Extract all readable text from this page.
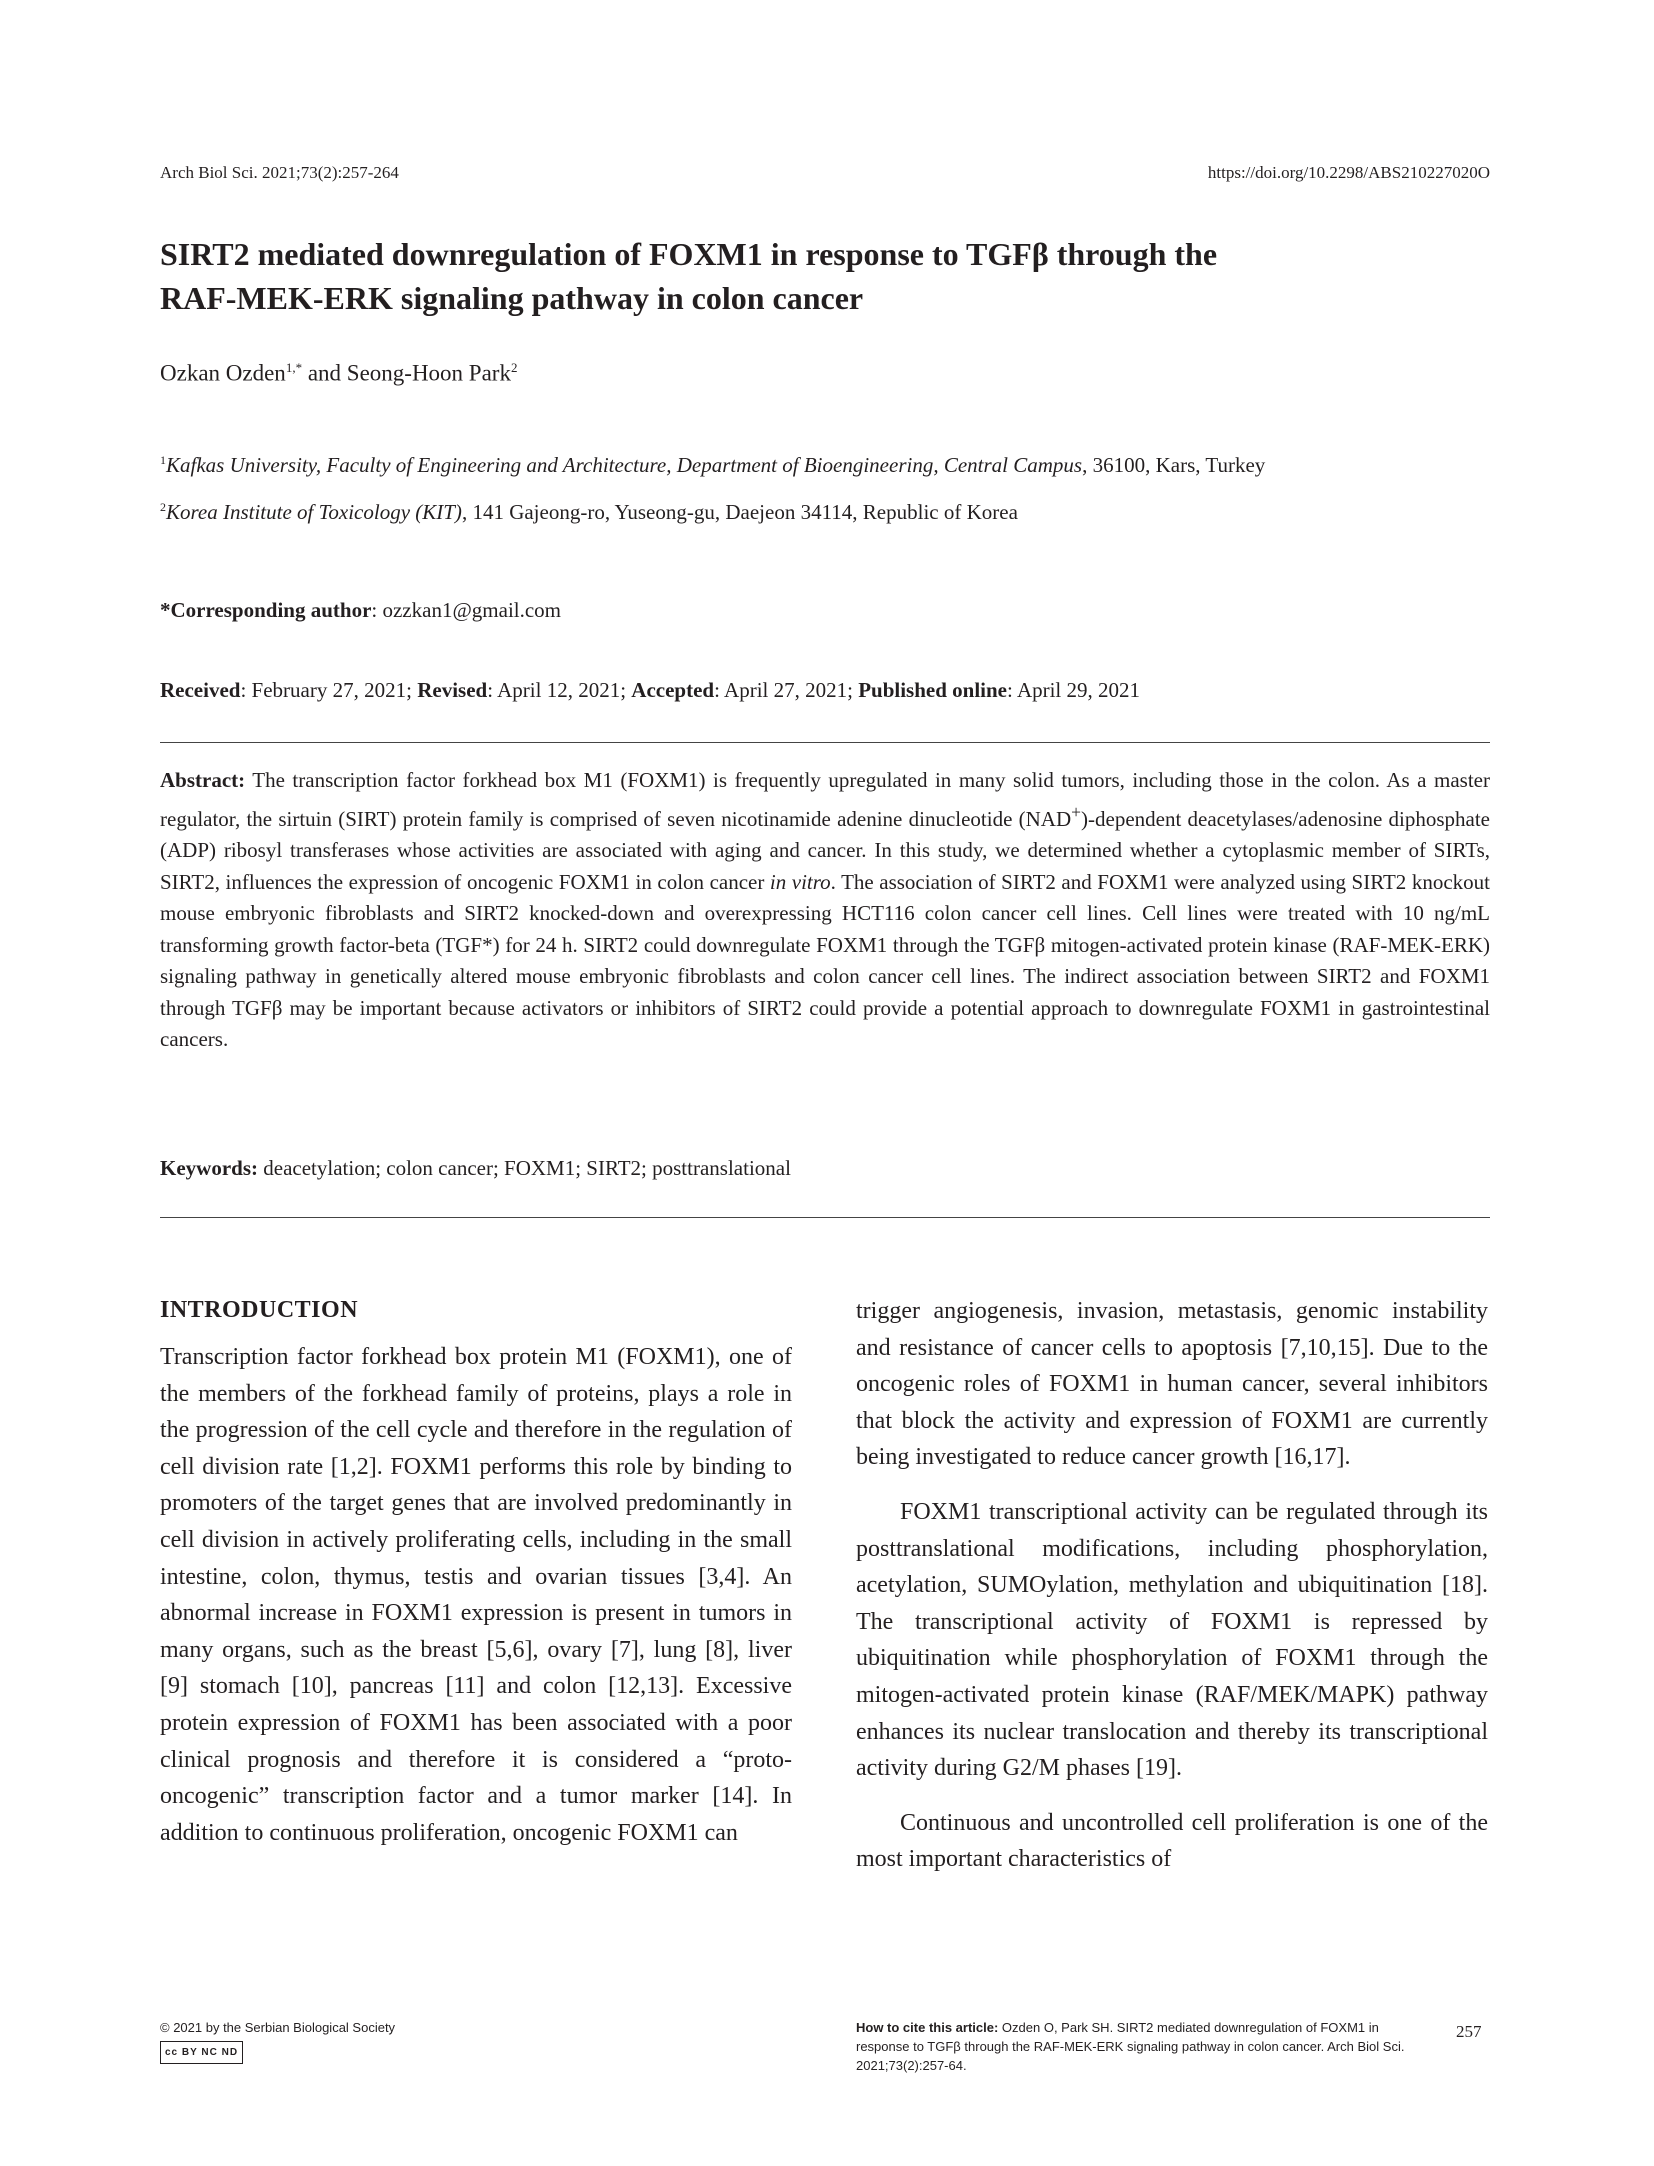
Arch Biol Sci. 2021;73(2):257-264	https://doi.org/10.2298/ABS210227020O
SIRT2 mediated downregulation of FOXM1 in response to TGFβ through the
RAF-MEK-ERK signaling pathway in colon cancer
Ozkan Ozden$^{1,*}$ and Seong-Hoon Park$^2$

$^1$Kafkas University, Faculty of Engineering and Architecture, Department of Bioengineering, Central Campus, 36100, Kars, Turkey

$^2$Korea Institute of Toxicology (KIT), 141 Gajeong-ro, Yuseong-gu, Daejeon 34114, Republic of Korea

*Corresponding author: ozzkan1@gmail.com
Received: February 27, 2021; Revised: April 12, 2021; Accepted: April 27, 2021; Published online: April 29, 2021

Abstract: The transcription factor forkhead box M1 (FOXM1) is frequently upregulated in many solid tumors, including those in the colon. As a master regulator, the sirtuin (SIRT) protein family is comprised of seven nicotinamide adenine dinucleotide (NAD+)-dependent deacetylases/adenosine diphosphate (ADP) ribosyl transferases whose activities are associated with aging and cancer. In this study, we determined whether a cytoplasmic member of SIRTs, SIRT2, influences the expression of oncogenic FOXM1 in colon cancer in vitro. The association of SIRT2 and FOXM1 were analyzed using SIRT2 knockout mouse embryonic fibroblasts and SIRT2 knocked-down and overexpressing HCT116 colon cancer cell lines. Cell lines were treated with 10 ng/mL transforming growth factor-beta (TGF*) for 24 h. SIRT2 could downregulate FOXM1 through the TGFβ mitogen-activated protein kinase (RAF-MEK-ERK) signaling pathway in genetically altered mouse embryonic fibroblasts and colon cancer cell lines. The indirect association between SIRT2 and FOXM1 through TGFβ may be important because activators or inhibitors of SIRT2 could provide a potential approach to downregulate FOXM1 in gastrointestinal cancers.

Keywords: deacetylation; colon cancer; FOXM1; SIRT2; posttranslational
INTRODUCTION

Transcription factor forkhead box protein M1 (FOXM1), one of the members of the forkhead family of proteins, plays a role in the progression of the cell cycle and therefore in the regulation of cell division rate [1,2]. FOXM1 performs this role by binding to promoters of the target genes that are involved predominantly in cell division in actively proliferating cells, including in the small intestine, colon, thymus, testis and ovarian tissues [3,4]. An abnormal increase in FOXM1 expression is present in tumors in many organs, such as the breast [5,6], ovary [7], lung [8], liver [9] stomach [10], pancreas [11] and colon [12,13]. Excessive protein expression of FOXM1 has been associated with a poor clinical prognosis and therefore it is considered a “proto-oncogenic” transcription factor and a tumor marker [14]. In addition to continuous proliferation, oncogenic FOXM1 can

trigger angiogenesis, invasion, metastasis, genomic instability and resistance of cancer cells to apoptosis [7,10,15]. Due to the oncogenic roles of FOXM1 in human cancer, several inhibitors that block the activity and expression of FOXM1 are currently being investigated to reduce cancer growth [16,17].

FOXM1 transcriptional activity can be regulated through its posttranslational modifications, including phosphorylation, acetylation, SUMOylation, methylation and ubiquitination [18]. The transcriptional activity of FOXM1 is repressed by ubiquitination while phosphorylation of FOXM1 through the mitogen-activated protein kinase (RAF/MEK/MAPK) pathway enhances its nuclear translocation and thereby its transcriptional activity during G2/M phases [19].

Continuous and uncontrolled cell proliferation is one of the most important characteristics of

© 2021 by the Serbian Biological Society
cc BY NC ND
How to cite this article: Ozden O, Park SH. SIRT2 mediated downregulation of FOXM1 in response to TGFβ through the RAF-MEK-ERK signaling pathway in colon cancer. Arch Biol Sci. 2021;73(2):257-64.
257
